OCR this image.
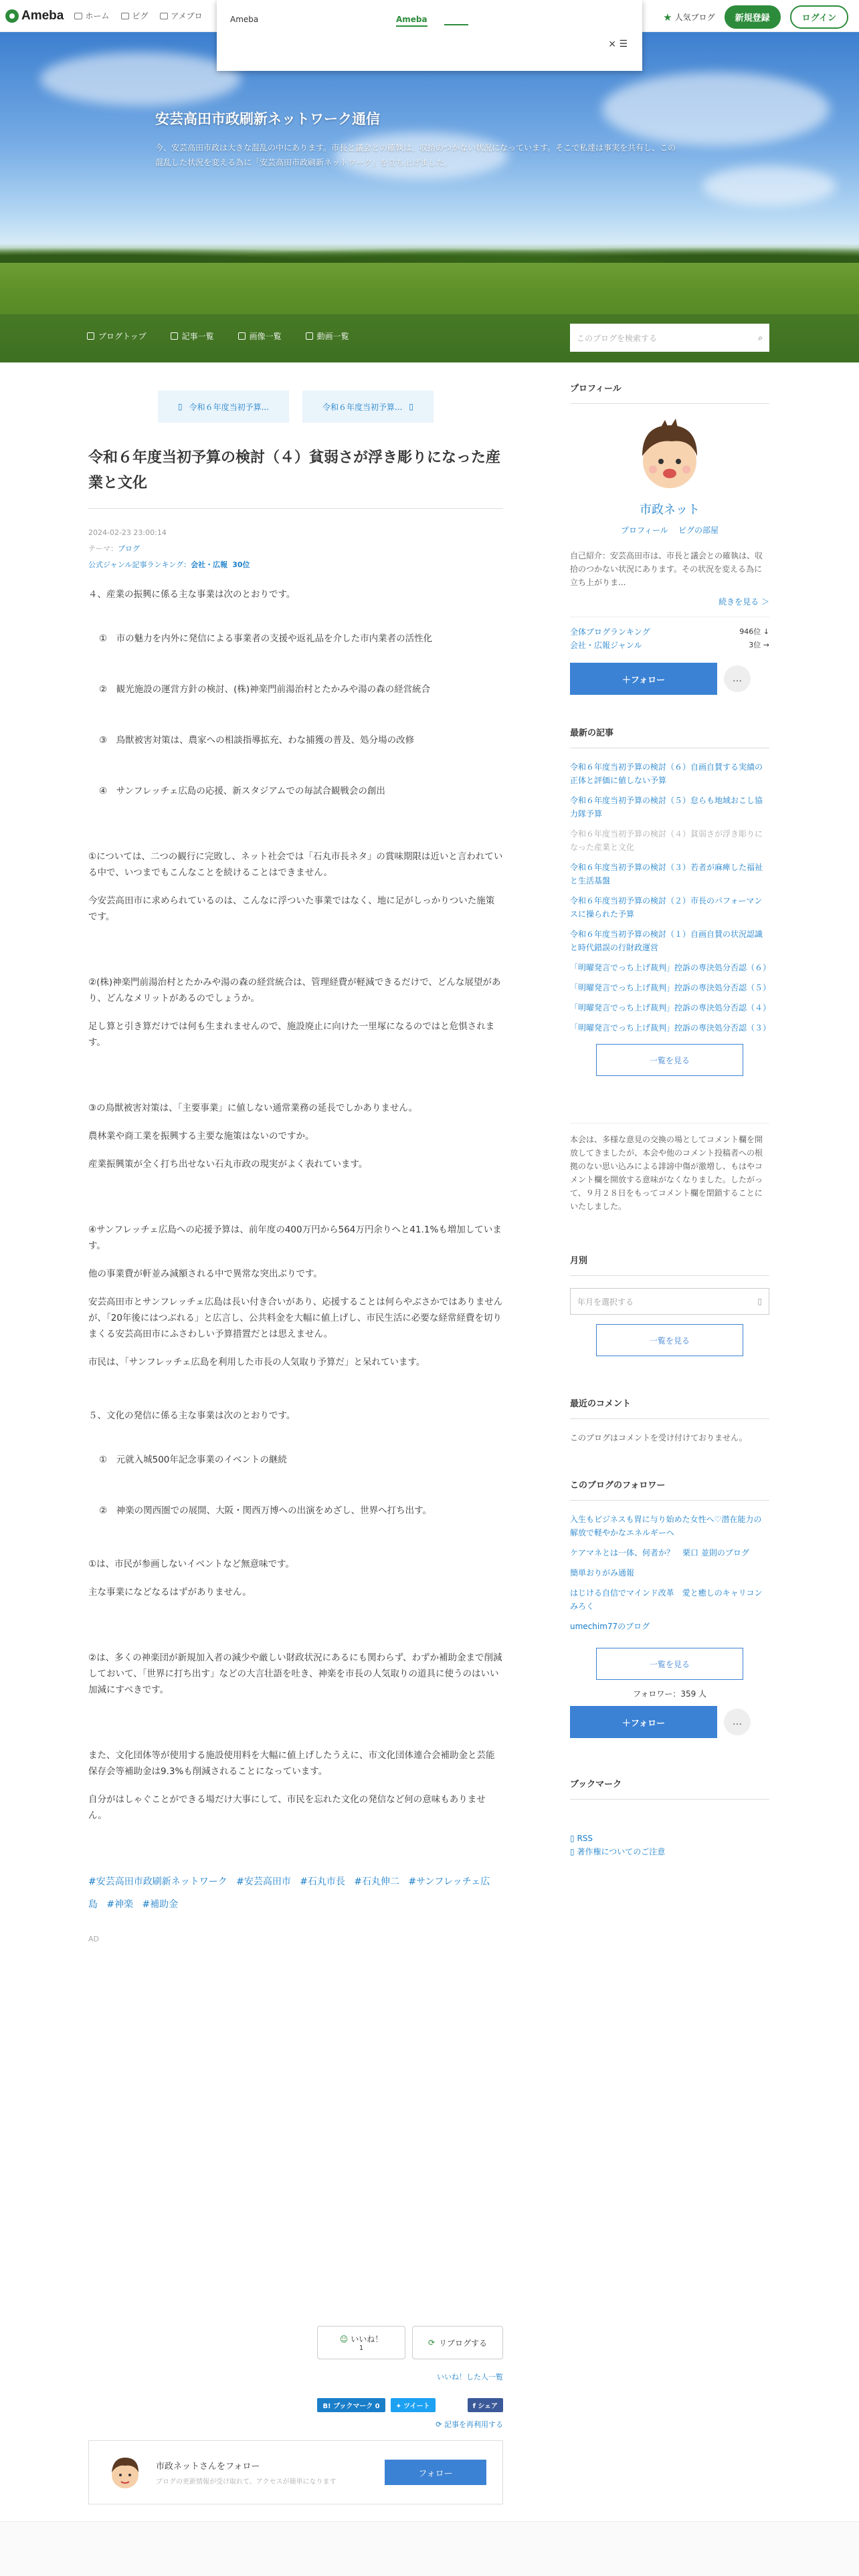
Ameba	ホーム	ピグ	アメブロ	★ 人気ブログ	新規登録	ログイン
Ameba	Ameba
× ☰
安芸高田市政刷新ネットワーク通信
今、安芸高田市政は大きな混乱の中にあります。市長と議会との確執は、収拾のつかない状況になっています。そこで私達は事実を共有し、この混乱した状況を変える為に「安芸高田市政刷新ネットワーク」を立ち上げました。
ブログトップ	記事一覧	画像一覧	動画一覧	このブログを検索する	⌕
▯ 令和６年度当初予算...	令和６年度当初予算... ▯
令和６年度当初予算の検討（４）貧弱さが浮き彫りになった産業と文化
2024-02-23 23:00:14
テーマ：ブログ
公式ジャンル記事ランキング：会社・広報 30位

４、産業の振興に係る主な事業は次のとおりです。

①　市の魅力を内外に発信による事業者の支援や返礼品を介した市内業者の活性化

②　観光施設の運営方針の検討、(株)神楽門前湯治村とたかみや湯の森の経営統合

③　鳥獣被害対策は、農家への相談指導拡充、わな捕獲の普及、処分場の改修

④　サンフレッチェ広島の応援、新スタジアムでの毎試合観戦会の創出

①については、二つの観行に完敗し、ネット社会では「石丸市長ネタ」の賞味期限は近いと言われている中で、いつまでもこんなことを続けることはできません。

今安芸高田市に求められているのは、こんなに浮ついた事業ではなく、地に足がしっかりついた施策です。

②(株)神楽門前湯治村とたかみや湯の森の経営統合は、管理経費が軽減できるだけで、どんな展望があり、どんなメリットがあるのでしょうか。

足し算と引き算だけでは何も生まれませんので、施設廃止に向けた一里塚になるのではと危惧されます。

③の鳥獣被害対策は、「主要事業」に値しない通常業務の延長でしかありません。

農林業や商工業を振興する主要な施策はないのですか。

産業振興策が全く打ち出せない石丸市政の現実がよく表れています。

④サンフレッチェ広島への応援予算は、前年度の400万円から564万円余りへと41.1%も増加しています。

他の事業費が軒並み減額される中で異常な突出ぶりです。

安芸高田市とサンフレッチェ広島は長い付き合いがあり、応援することは何らやぶさかではありませんが、「20年後にはつぶれる」と広言し、公共料金を大幅に値上げし、市民生活に必要な経常経費を切りまくる安芸高田市にふさわしい予算措置だとは思えません。

市民は、「サンフレッチェ広島を利用した市長の人気取り予算だ」と呆れています。

５、文化の発信に係る主な事業は次のとおりです。

①　元就入城500年記念事業のイベントの継続

②　神楽の関西圏での展開、大阪・関西万博への出演をめざし、世界へ打ち出す。

①は、市民が参画しないイベントなど無意味です。

主な事業になどなるはずがありません。

②は、多くの神楽団が新規加入者の減少や厳しい財政状況にあるにも関わらず、わずか補助金まで削減しておいて、「世界に打ち出す」などの大言壮語を吐き、神楽を市長の人気取りの道具に使うのはいい加減にすべきです。

また、文化団体等が使用する施設使用料を大幅に値上げしたうえに、市文化団体連合会補助金と芸能保存会等補助金は9.3%も削減されることになっています。

自分がはしゃぐことができる場だけ大事にして、市民を忘れた文化の発信など何の意味もありません。

#安芸高田市政刷新ネットワーク #安芸高田市 #石丸市長 #石丸伸二 #サンフレッチェ広島 #神楽 #補助金
AD
☺ いいね！
1
⟳ リブログする
いいね！した人一覧
B! ブックマーク 0	✦ ツイート	f シェア
⟳ 記事を再利用する
市政ネットさんをフォロー
ブログの更新情報が受け取れて、アクセスが簡単になります
フォロー
プロフィール
市政ネット
プロフィール ピグの部屋
自己紹介：安芸高田市は、市長と議会との確執は、収拾のつかない状況にあります。その状況を変える為に立ち上がりま...
続きを見る ＞
全体ブログランキング	946位 ↓
会社・広報ジャンル	3位 →
＋フォロー	…
最新の記事
令和６年度当初予算の検討（６）自画自賛する実績の正体と評価に値しない予算
令和６年度当初予算の検討（５）怠らも地域おこし協力隊予算
令和６年度当初予算の検討（４）貧弱さが浮き彫りになった産業と文化
令和６年度当初予算の検討（３）若者が麻痺した福祉と生活基盤
令和６年度当初予算の検討（２）市長のパフォーマンスに操られた予算
令和６年度当初予算の検討（１）自画自賛の状況認識と時代錯誤の行財政運営
「明曜発言でっち上げ裁判」控訴の専決処分否認（６）
「明曜発言でっち上げ裁判」控訴の専決処分否認（５）
「明曜発言でっち上げ裁判」控訴の専決処分否認（４）
「明曜発言でっち上げ裁判」控訴の専決処分否認（３）
一覧を見る
本会は、多様な意見の交換の場としてコメント欄を開放してきましたが、本会や他のコメント投稿者への根拠のない思い込みによる誹謗中傷が激増し、もはやコメント欄を開放する意味がなくなりました。したがって、９月２８日をもってコメント欄を閉鎖することにいたしました。
月別
年月を選択する	▯
一覧を見る
最近のコメント
このブログはコメントを受け付けておりません。
このブログのフォロワー
入生もビジネスも胃に与り始めた女性へ♡潜在能力の解放で軽やかなエネルギーへ
ケアマネとは一体、何者か？　栗口 並則のブログ
簡単おりがみ通報
はじける自信でマインド改革　愛と癒しのキャリコンみろく
umechim77のブログ
一覧を見る
フォロワー：359 人
＋フォロー	…
ブックマーク
▯ RSS
▯ 著作権についてのご注意
